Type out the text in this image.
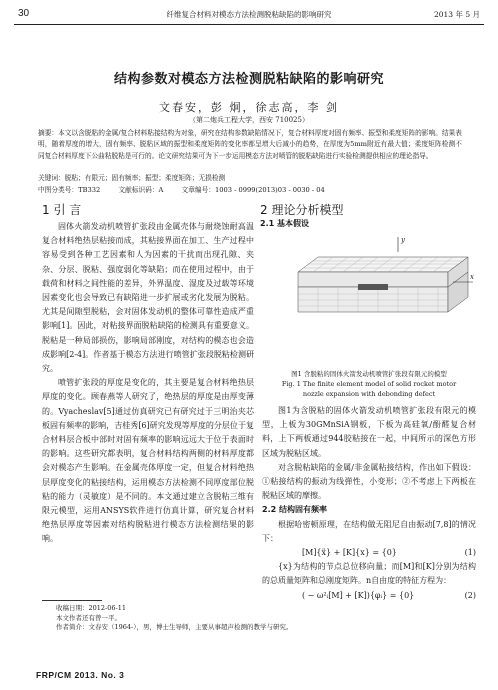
30	纤维复合材料对模态方法检测脱粘缺陷的影响研究	2013 年 5 月
结构参数对模态方法检测脱粘缺陷的影响研究
文春安，彭 炯，徐志高，李 剑
（第二炮兵工程大学，西安 710025）
摘要：本文以含脱粘的金属/复合材料粘接结构为对象，研究在结构参数缺陷情况下，复合材料厚度对固有频率、振型和柔度矩阵的影响。结果表明，随着厚度的增大，固有频率、脱粘区域的振型和柔度矩阵的变化率都呈增大后减小的趋势，在厚度为5mm附近有最大值；柔度矩阵检测不同复合材料厚度下公曲粘脱粘是可行的。论文研究结果可为下一步运用模态方法对喷管的脱粘缺陷进行实验检测提供相应的理论指导。
关键词：脱粘；有限元；固有频率；振型；柔度矩阵；无损检测
中图分类号：TB332	文献标识码：A	文章编号：1003 - 0999(2013)03 - 0030 - 04
1 引 言

固体火箭发动机喷管扩张段由金属壳体与耐烧蚀耐高温复合材料绝热层粘接而成，其粘接界面在加工、生产过程中容易受到各种工艺因素和人为因素的干扰而出现孔隙、夹杂、分层、脱粘、强度弱化等缺陷；而在使用过程中，由于载荷和材料之间性能的差异，外界温度、湿度及过载等环境因素变化也会导致已有缺陷进一步扩展或劣化发展为脱粘。尤其是间隙型脱粘，会对固体发动机的整体可靠性造成严重影响[1]。因此，对粘接界面脱粘缺陷的检测具有重要意义。脱粘是一种局部损伤，影响局部刚度，对结构的模态也会造成影响[2-4]。作者基于模态方法进行喷管扩张段脱粘检测研究。

喷管扩张段的厚度是变化的，其主要是复合材料绝热层厚度的变化。顾春燕等人研究了，绝热层的厚度是由厚变薄的。Vyacheslav[5]通过仿真研究已有研究过于三明治夹芯板固有频率的影响，吉桂秀[6]研究发现等厚度的分层位于复合材料层合板中部时对固有频率的影响远远大于位于表面时的影响。这些研究都表明，复合材料结构两侧的材料厚度都会对模态产生影响。在金属壳体厚度一定，但复合材料绝热层厚度变化的粘接结构，运用模态方法检测不同厚度部位脱粘的能力（灵敏度）是不同的。本文通过建立含脱粘三维有限元模型，运用ANSYS软件进行仿真计算，研究复合材料绝热层厚度等因素对结构脱粘进行模态方法检测结果的影响。

2 理论分析模型
2.1 基本假设
y
x
图1 含脱粘的固体火箭发动机喷管扩张段有限元的模型
Fig. 1 The finite element model of solid rocket motor
nozzle expansion with debonding defect

图1为含脱粘的固体火箭发动机喷管扩张段有限元的模型，上板为30GMnSiA钢板，下板为高硅氧/酚醛复合材料，上下两板通过944胶粘接在一起，中间所示的深色方形区域为脱粘区域。

对含脱粘缺陷的金属/非金属粘接结构，作出如下假设：①粘接结构的振动为线弹性，小变形；②不考虑上下两板在脱粘区域的摩擦。

2.2 结构固有频率

根据哈密顿原理，在结构做无阻尼自由振动[7,8]的情况下：

[M]{ẍ} + [K]{x} = {0}	(1)

{x}为结构的节点总位移向量；而[M]和[K]分别为结构的总质量矩阵和总刚度矩阵。n自由度的特征方程为：

( − ω²ᵢ[M] + [K]){φᵢ} = {0}	(2)

收稿日期：2012-06-11
本文作者还有曾一平。
作者简介：文春安（1964-），男，博士生导师，主要从事超声检测的教学与研究。
FRP/CM 2013. No. 3
